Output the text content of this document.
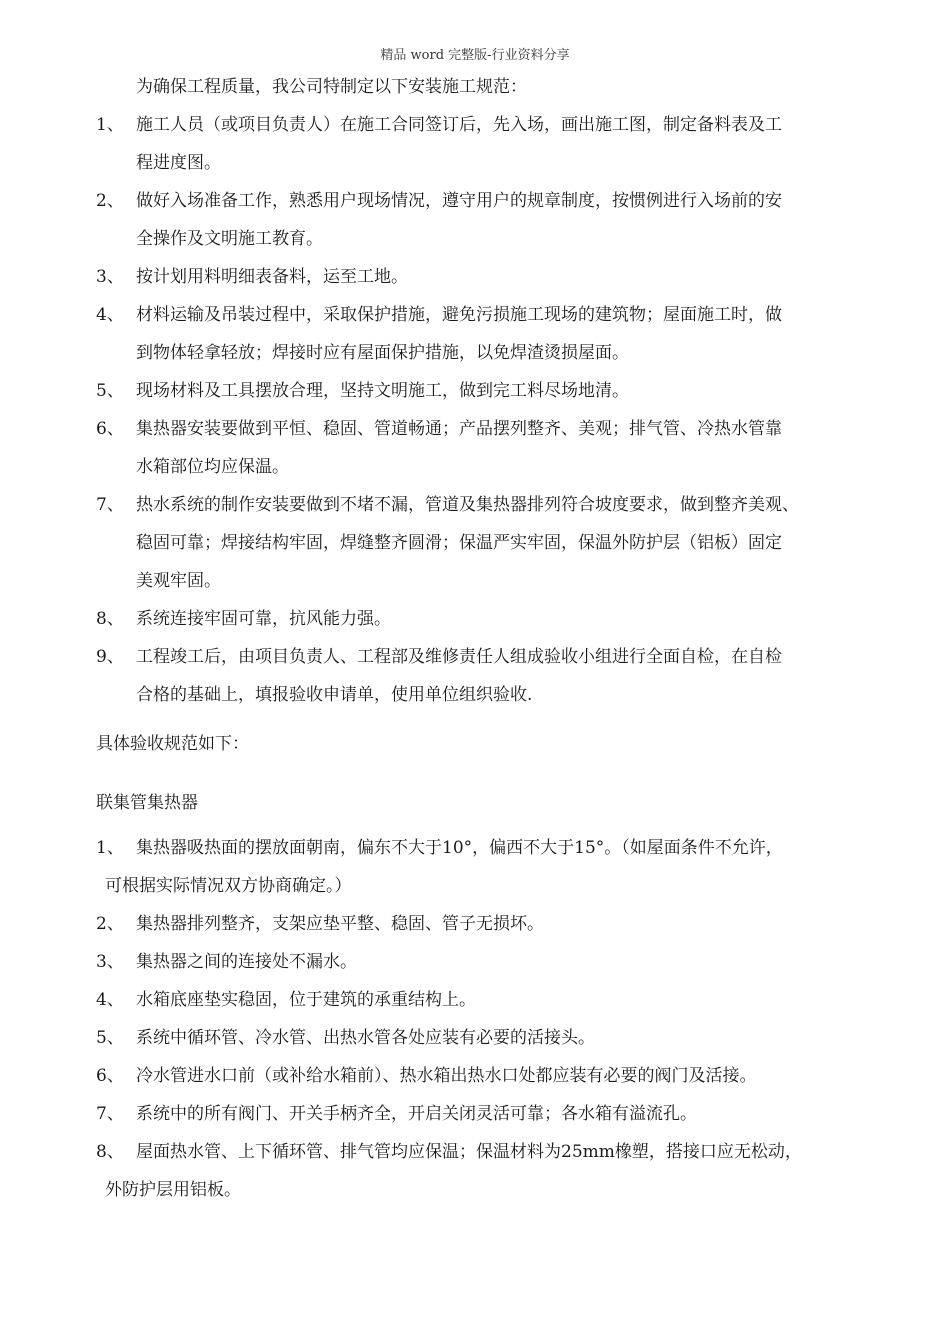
精品 word 完整版-行业资料分享
为确保工程质量，我公司特制定以下安装施工规范：
1、 施工人员（或项目负责人）在施工合同签订后，先入场，画出施工图，制定备料表及工
程进度图。
2、 做好入场准备工作，熟悉用户现场情况，遵守用户的规章制度，按惯例进行入场前的安
全操作及文明施工教育。
3、 按计划用料明细表备料，运至工地。
4、 材料运输及吊装过程中，采取保护措施，避免污损施工现场的建筑物；屋面施工时，做
到物体轻拿轻放；焊接时应有屋面保护措施，以免焊渣烫损屋面。
5、 现场材料及工具摆放合理，坚持文明施工，做到完工料尽场地清。
6、 集热器安装要做到平恒、稳固、管道畅通；产品摆列整齐、美观；排气管、冷热水管靠
水箱部位均应保温。
7、 热水系统的制作安装要做到不堵不漏，管道及集热器排列符合坡度要求，做到整齐美观、
稳固可靠；焊接结构牢固，焊缝整齐圆滑；保温严实牢固，保温外防护层（铝板）固定
美观牢固。
8、 系统连接牢固可靠，抗风能力强。
9、 工程竣工后，由项目负责人、工程部及维修责任人组成验收小组进行全面自检，在自检
合格的基础上，填报验收申请单，使用单位组织验收.
具体验收规范如下：
联集管集热器
1、 集热器吸热面的摆放面朝南，偏东不大于10°，偏西不大于15°。（如屋面条件不允许，
可根据实际情况双方协商确定。）
2、 集热器排列整齐，支架应垫平整、稳固、管子无损坏。
3、 集热器之间的连接处不漏水。
4、 水箱底座垫实稳固，位于建筑的承重结构上。
5、 系统中循环管、冷水管、出热水管各处应装有必要的活接头。
6、 冷水管进水口前（或补给水箱前）、热水箱出热水口处都应装有必要的阀门及活接。
7、 系统中的所有阀门、开关手柄齐全，开启关闭灵活可靠；各水箱有溢流孔。
8、 屋面热水管、上下循环管、排气管均应保温；保温材料为25mm橡塑，搭接口应无松动，
外防护层用铝板。
